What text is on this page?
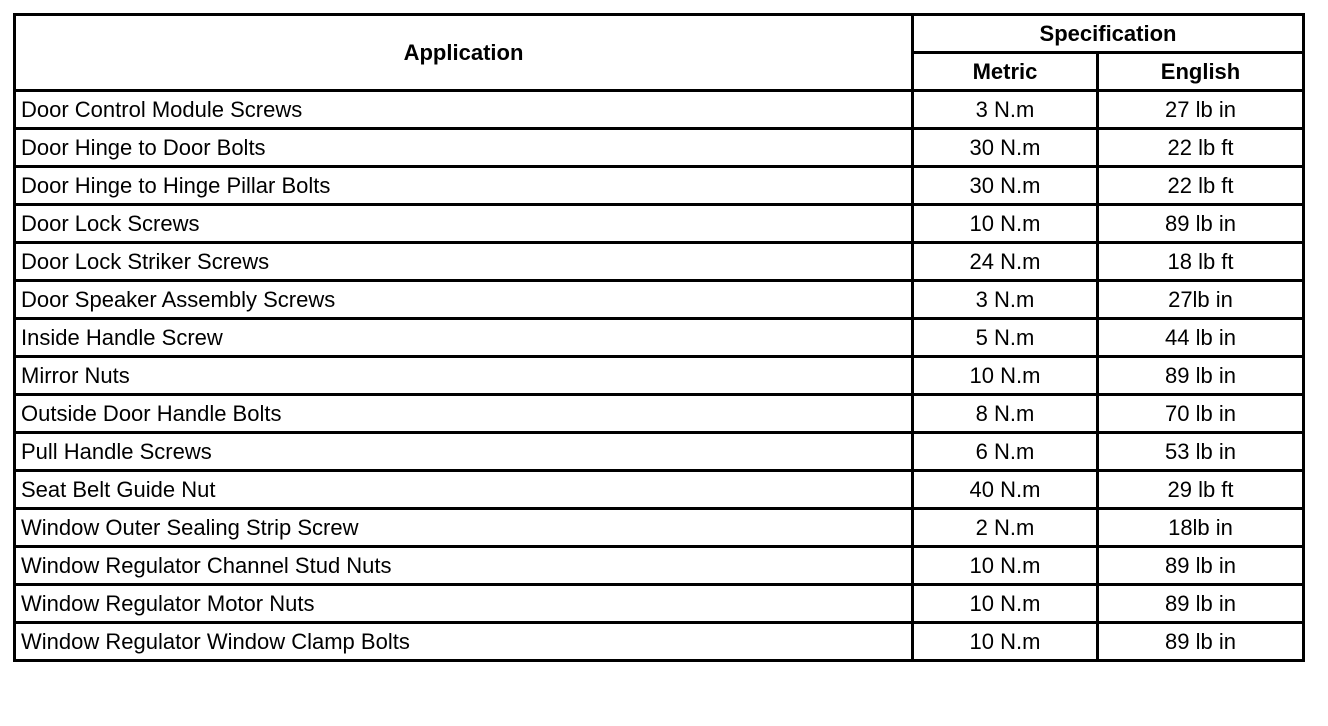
Application	Specification	
	Metric	English
Door Control Module Screws	3 N.m	27 lb in
Door Hinge to Door Bolts	30 N.m	22 lb ft
Door Hinge to Hinge Pillar Bolts	30 N.m	22 lb ft
Door Lock Screws	10 N.m	89 lb in
Door Lock Striker Screws	24 N.m	18 lb ft
Door Speaker Assembly Screws	3 N.m	27lb in
Inside Handle Screw	5 N.m	44 lb in
Mirror Nuts	10 N.m	89 lb in
Outside Door Handle Bolts	8 N.m	70 lb in
Pull Handle Screws	6 N.m	53 lb in
Seat Belt Guide Nut	40 N.m	29 lb ft
Window Outer Sealing Strip Screw	2 N.m	18lb in
Window Regulator Channel Stud Nuts	10 N.m	89 lb in
Window Regulator Motor Nuts	10 N.m	89 lb in
Window Regulator Window Clamp Bolts	10 N.m	89 lb in
